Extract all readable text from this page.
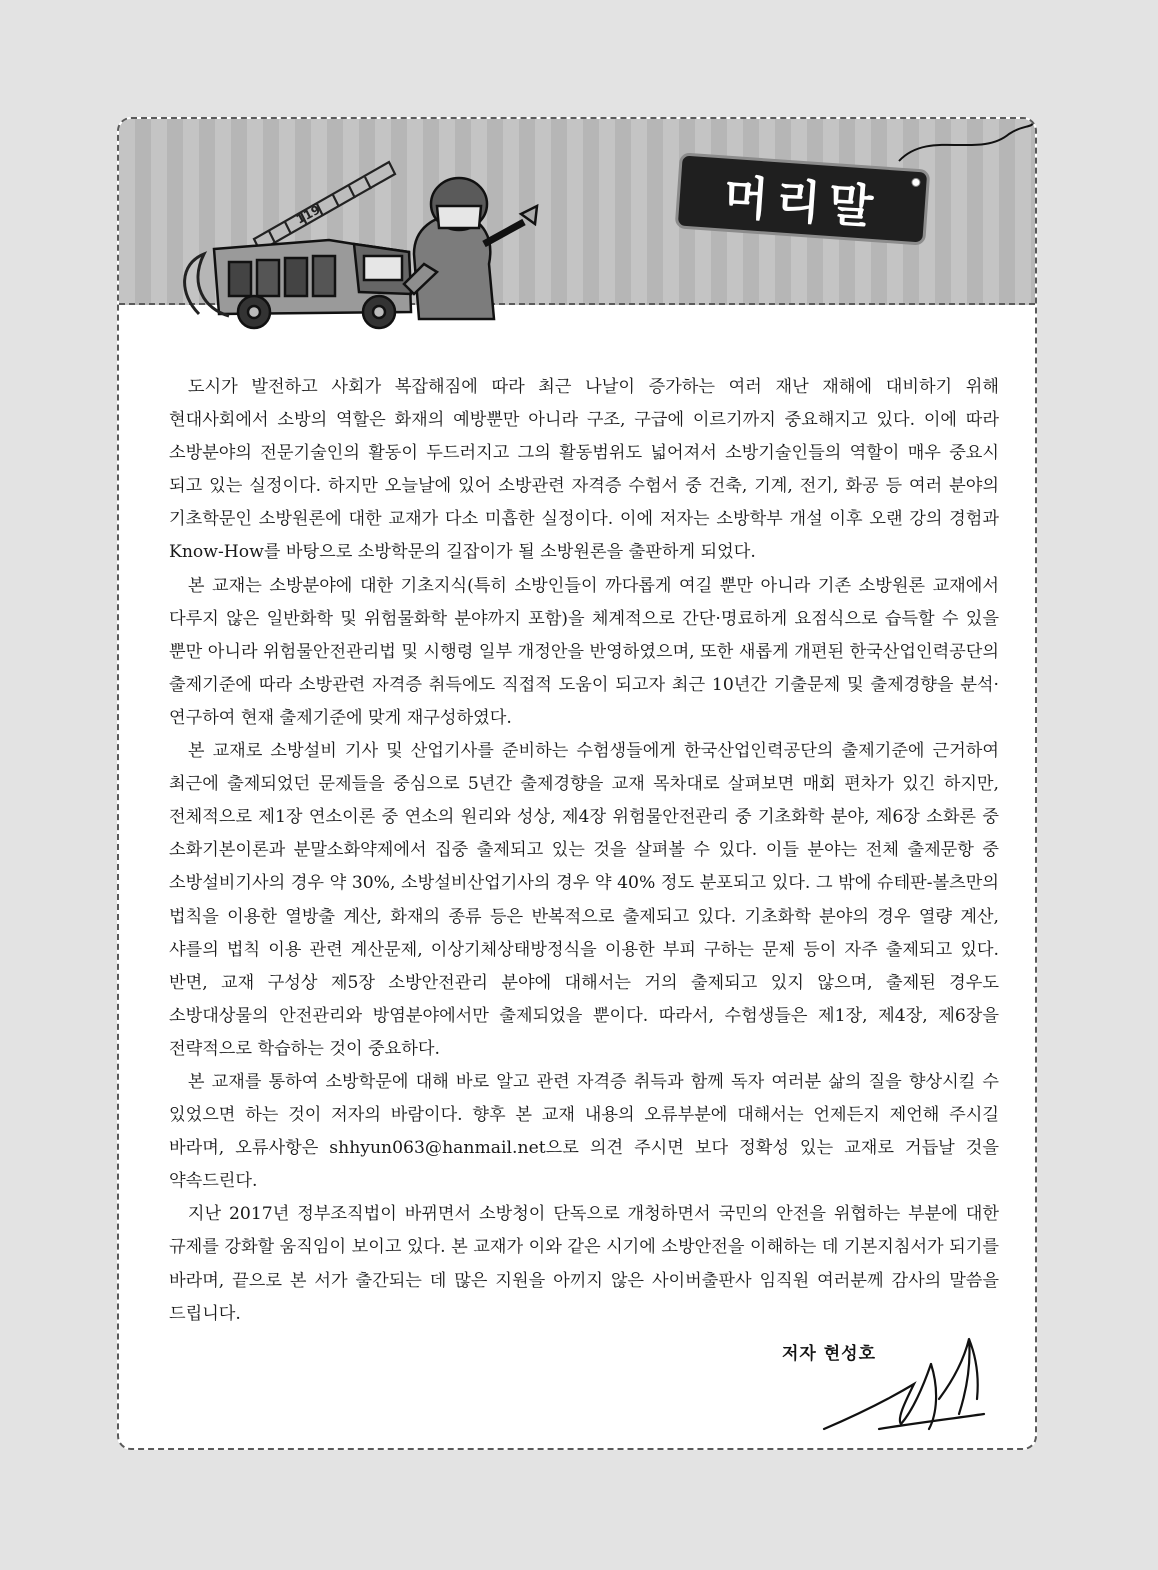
119	머리말

도시가 발전하고 사회가 복잡해짐에 따라 최근 나날이 증가하는 여러 재난 재해에 대비하기 위해 현대사회에서 소방의 역할은 화재의 예방뿐만 아니라 구조, 구급에 이르기까지 중요해지고 있다. 이에 따라 소방분야의 전문기술인의 활동이 두드러지고 그의 활동범위도 넓어져서 소방기술인들의 역할이 매우 중요시 되고 있는 실정이다. 하지만 오늘날에 있어 소방관련 자격증 수험서 중 건축, 기계, 전기, 화공 등 여러 분야의 기초학문인 소방원론에 대한 교재가 다소 미흡한 실정이다. 이에 저자는 소방학부 개설 이후 오랜 강의 경험과 Know-How를 바탕으로 소방학문의 길잡이가 될 소방원론을 출판하게 되었다.

본 교재는 소방분야에 대한 기초지식(특히 소방인들이 까다롭게 여길 뿐만 아니라 기존 소방원론 교재에서 다루지 않은 일반화학 및 위험물화학 분야까지 포함)을 체계적으로 간단·명료하게 요점식으로 습득할 수 있을 뿐만 아니라 위험물안전관리법 및 시행령 일부 개정안을 반영하였으며, 또한 새롭게 개편된 한국산업인력공단의 출제기준에 따라 소방관련 자격증 취득에도 직접적 도움이 되고자 최근 10년간 기출문제 및 출제경향을 분석·연구하여 현재 출제기준에 맞게 재구성하였다.

본 교재로 소방설비 기사 및 산업기사를 준비하는 수험생들에게 한국산업인력공단의 출제기준에 근거하여 최근에 출제되었던 문제들을 중심으로 5년간 출제경향을 교재 목차대로 살펴보면 매회 편차가 있긴 하지만, 전체적으로 제1장 연소이론 중 연소의 원리와 성상, 제4장 위험물안전관리 중 기초화학 분야, 제6장 소화론 중 소화기본이론과 분말소화약제에서 집중 출제되고 있는 것을 살펴볼 수 있다. 이들 분야는 전체 출제문항 중 소방설비기사의 경우 약 30%, 소방설비산업기사의 경우 약 40% 정도 분포되고 있다. 그 밖에 슈테판-볼츠만의 법칙을 이용한 열방출 계산, 화재의 종류 등은 반복적으로 출제되고 있다. 기초화학 분야의 경우 열량 계산, 샤를의 법칙 이용 관련 계산문제, 이상기체상태방정식을 이용한 부피 구하는 문제 등이 자주 출제되고 있다. 반면, 교재 구성상 제5장 소방안전관리 분야에 대해서는 거의 출제되고 있지 않으며, 출제된 경우도 소방대상물의 안전관리와 방염분야에서만 출제되었을 뿐이다. 따라서, 수험생들은 제1장, 제4장, 제6장을 전략적으로 학습하는 것이 중요하다.

본 교재를 통하여 소방학문에 대해 바로 알고 관련 자격증 취득과 함께 독자 여러분 삶의 질을 향상시킬 수 있었으면 하는 것이 저자의 바람이다. 향후 본 교재 내용의 오류부분에 대해서는 언제든지 제언해 주시길 바라며, 오류사항은 shhyun063@hanmail.net으로 의견 주시면 보다 정확성 있는 교재로 거듭날 것을 약속드린다.

지난 2017년 정부조직법이 바뀌면서 소방청이 단독으로 개청하면서 국민의 안전을 위협하는 부분에 대한 규제를 강화할 움직임이 보이고 있다. 본 교재가 이와 같은 시기에 소방안전을 이해하는 데 기본지침서가 되기를 바라며, 끝으로 본 서가 출간되는 데 많은 지원을 아끼지 않은 사이버출판사 임직원 여러분께 감사의 말씀을 드립니다.

저자 현성호
